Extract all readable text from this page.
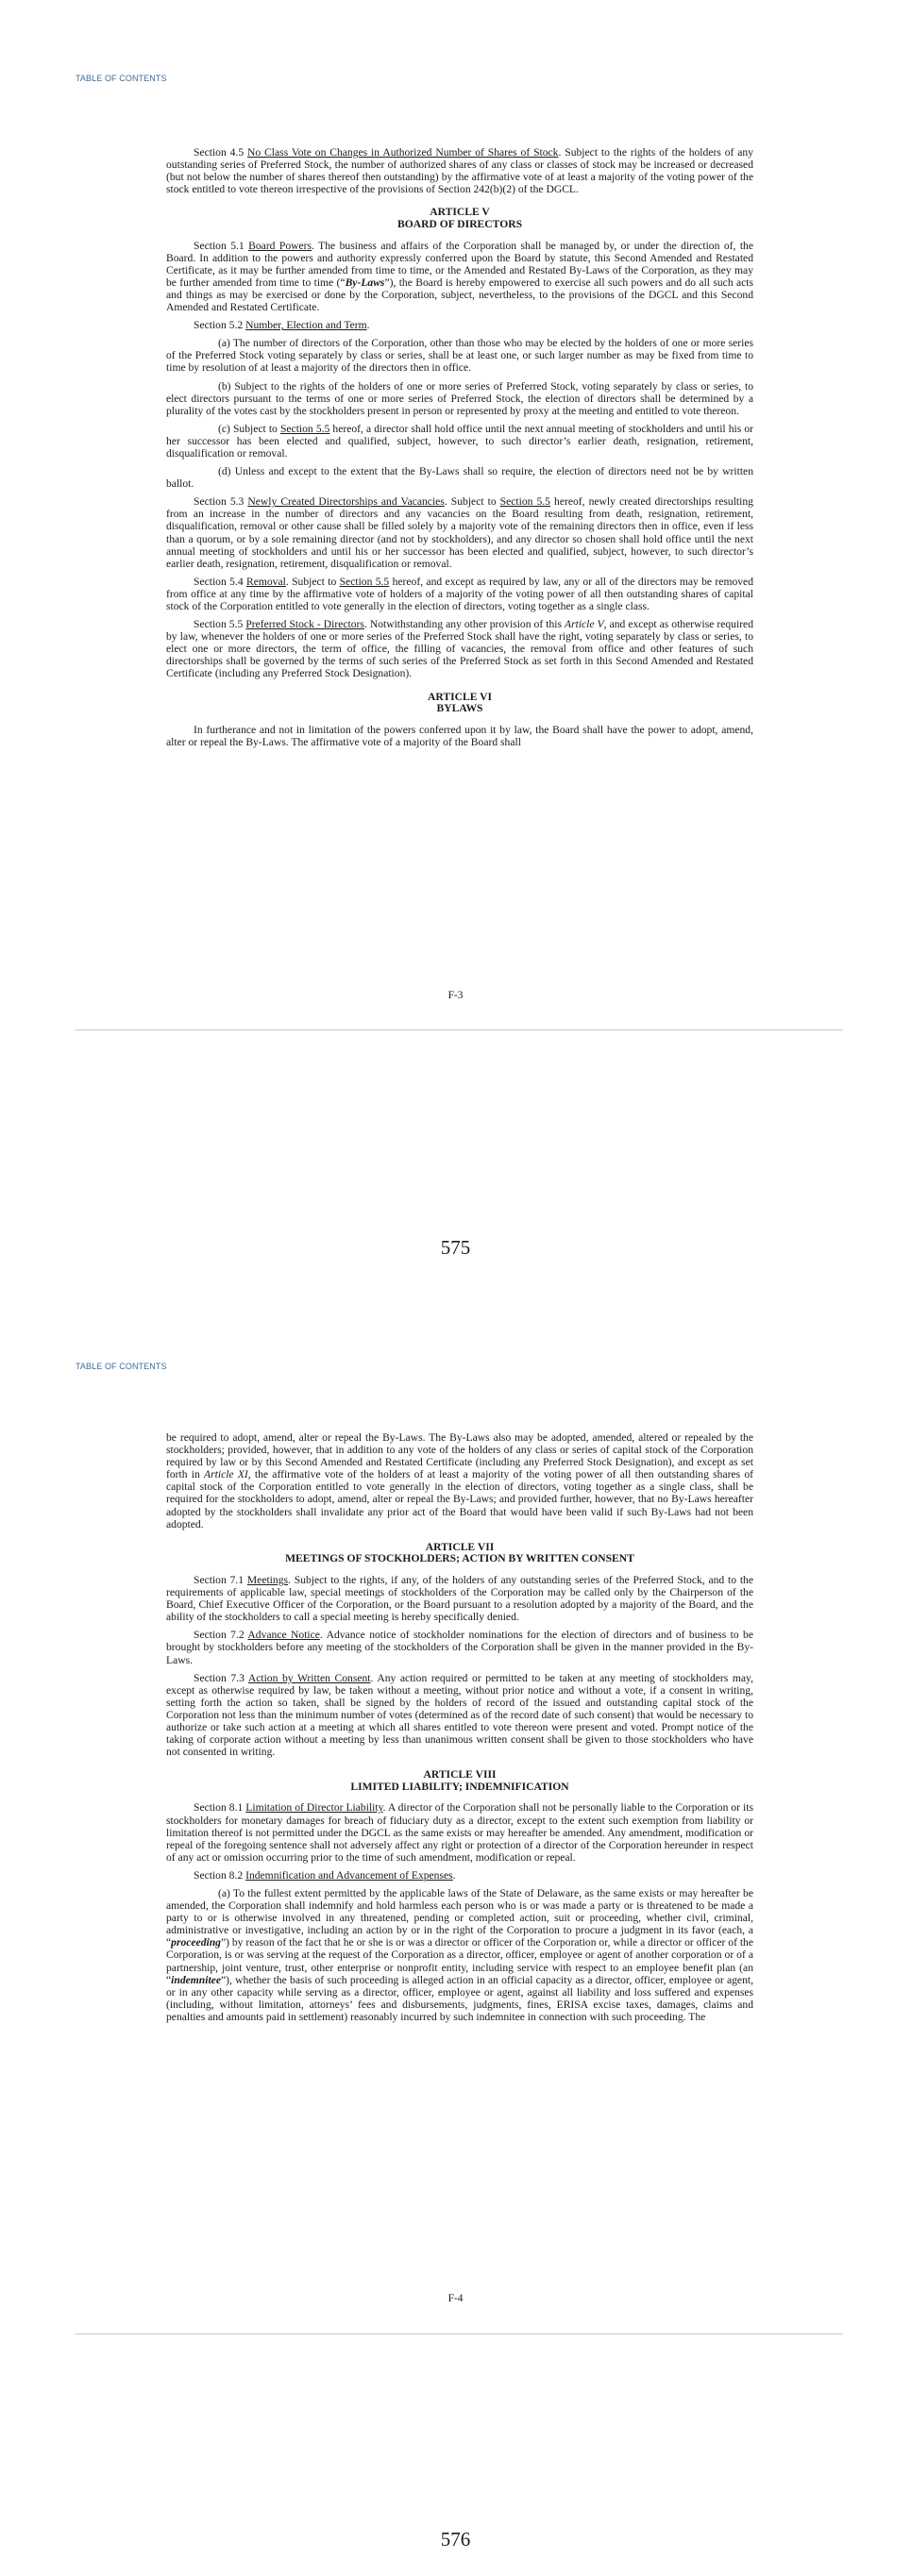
TABLE OF CONTENTS

Section 4.5 No Class Vote on Changes in Authorized Number of Shares of Stock. Subject to the rights of the holders of any outstanding series of Preferred Stock, the number of authorized shares of any class or classes of stock may be increased or decreased (but not below the number of shares thereof then outstanding) by the affirmative vote of at least a majority of the voting power of the stock entitled to vote thereon irrespective of the provisions of Section 242(b)(2) of the DGCL.

ARTICLE V
BOARD OF DIRECTORS

Section 5.1 Board Powers. The business and affairs of the Corporation shall be managed by, or under the direction of, the Board. In addition to the powers and authority expressly conferred upon the Board by statute, this Second Amended and Restated Certificate, as it may be further amended from time to time, or the Amended and Restated By-Laws of the Corporation, as they may be further amended from time to time (“By-Laws”), the Board is hereby empowered to exercise all such powers and do all such acts and things as may be exercised or done by the Corporation, subject, nevertheless, to the provisions of the DGCL and this Second Amended and Restated Certificate.

Section 5.2 Number, Election and Term.

(a) The number of directors of the Corporation, other than those who may be elected by the holders of one or more series of the Preferred Stock voting separately by class or series, shall be at least one, or such larger number as may be fixed from time to time by resolution of at least a majority of the directors then in office.

(b) Subject to the rights of the holders of one or more series of Preferred Stock, voting separately by class or series, to elect directors pursuant to the terms of one or more series of Preferred Stock, the election of directors shall be determined by a plurality of the votes cast by the stockholders present in person or represented by proxy at the meeting and entitled to vote thereon.

(c) Subject to Section 5.5 hereof, a director shall hold office until the next annual meeting of stockholders and until his or her successor has been elected and qualified, subject, however, to such director’s earlier death, resignation, retirement, disqualification or removal.

(d) Unless and except to the extent that the By-Laws shall so require, the election of directors need not be by written ballot.

Section 5.3 Newly Created Directorships and Vacancies. Subject to Section 5.5 hereof, newly created directorships resulting from an increase in the number of directors and any vacancies on the Board resulting from death, resignation, retirement, disqualification, removal or other cause shall be filled solely by a majority vote of the remaining directors then in office, even if less than a quorum, or by a sole remaining director (and not by stockholders), and any director so chosen shall hold office until the next annual meeting of stockholders and until his or her successor has been elected and qualified, subject, however, to such director’s earlier death, resignation, retirement, disqualification or removal.

Section 5.4 Removal. Subject to Section 5.5 hereof, and except as required by law, any or all of the directors may be removed from office at any time by the affirmative vote of holders of a majority of the voting power of all then outstanding shares of capital stock of the Corporation entitled to vote generally in the election of directors, voting together as a single class.

Section 5.5 Preferred Stock - Directors. Notwithstanding any other provision of this Article V, and except as otherwise required by law, whenever the holders of one or more series of the Preferred Stock shall have the right, voting separately by class or series, to elect one or more directors, the term of office, the filling of vacancies, the removal from office and other features of such directorships shall be governed by the terms of such series of the Preferred Stock as set forth in this Second Amended and Restated Certificate (including any Preferred Stock Designation).

ARTICLE VI
BYLAWS

In furtherance and not in limitation of the powers conferred upon it by law, the Board shall have the power to adopt, amend, alter or repeal the By-Laws. The affirmative vote of a majority of the Board shall

F-3
575
TABLE OF CONTENTS

be required to adopt, amend, alter or repeal the By-Laws. The By-Laws also may be adopted, amended, altered or repealed by the stockholders; provided, however, that in addition to any vote of the holders of any class or series of capital stock of the Corporation required by law or by this Second Amended and Restated Certificate (including any Preferred Stock Designation), and except as set forth in Article XI, the affirmative vote of the holders of at least a majority of the voting power of all then outstanding shares of capital stock of the Corporation entitled to vote generally in the election of directors, voting together as a single class, shall be required for the stockholders to adopt, amend, alter or repeal the By-Laws; and provided further, however, that no By-Laws hereafter adopted by the stockholders shall invalidate any prior act of the Board that would have been valid if such By-Laws had not been adopted.

ARTICLE VII
MEETINGS OF STOCKHOLDERS; ACTION BY WRITTEN CONSENT

Section 7.1 Meetings. Subject to the rights, if any, of the holders of any outstanding series of the Preferred Stock, and to the requirements of applicable law, special meetings of stockholders of the Corporation may be called only by the Chairperson of the Board, Chief Executive Officer of the Corporation, or the Board pursuant to a resolution adopted by a majority of the Board, and the ability of the stockholders to call a special meeting is hereby specifically denied.

Section 7.2 Advance Notice. Advance notice of stockholder nominations for the election of directors and of business to be brought by stockholders before any meeting of the stockholders of the Corporation shall be given in the manner provided in the By-Laws.

Section 7.3 Action by Written Consent. Any action required or permitted to be taken at any meeting of stockholders may, except as otherwise required by law, be taken without a meeting, without prior notice and without a vote, if a consent in writing, setting forth the action so taken, shall be signed by the holders of record of the issued and outstanding capital stock of the Corporation not less than the minimum number of votes (determined as of the record date of such consent) that would be necessary to authorize or take such action at a meeting at which all shares entitled to vote thereon were present and voted. Prompt notice of the taking of corporate action without a meeting by less than unanimous written consent shall be given to those stockholders who have not consented in writing.

ARTICLE VIII
LIMITED LIABILITY; INDEMNIFICATION

Section 8.1 Limitation of Director Liability. A director of the Corporation shall not be personally liable to the Corporation or its stockholders for monetary damages for breach of fiduciary duty as a director, except to the extent such exemption from liability or limitation thereof is not permitted under the DGCL as the same exists or may hereafter be amended. Any amendment, modification or repeal of the foregoing sentence shall not adversely affect any right or protection of a director of the Corporation hereunder in respect of any act or omission occurring prior to the time of such amendment, modification or repeal.

Section 8.2 Indemnification and Advancement of Expenses.

(a) To the fullest extent permitted by the applicable laws of the State of Delaware, as the same exists or may hereafter be amended, the Corporation shall indemnify and hold harmless each person who is or was made a party or is threatened to be made a party to or is otherwise involved in any threatened, pending or completed action, suit or proceeding, whether civil, criminal, administrative or investigative, including an action by or in the right of the Corporation to procure a judgment in its favor (each, a “proceeding”) by reason of the fact that he or she is or was a director or officer of the Corporation or, while a director or officer of the Corporation, is or was serving at the request of the Corporation as a director, officer, employee or agent of another corporation or of a partnership, joint venture, trust, other enterprise or nonprofit entity, including service with respect to an employee benefit plan (an “indemnitee”), whether the basis of such proceeding is alleged action in an official capacity as a director, officer, employee or agent, or in any other capacity while serving as a director, officer, employee or agent, against all liability and loss suffered and expenses (including, without limitation, attorneys’ fees and disbursements, judgments, fines, ERISA excise taxes, damages, claims and penalties and amounts paid in settlement) reasonably incurred by such indemnitee in connection with such proceeding. The

F-4
576
